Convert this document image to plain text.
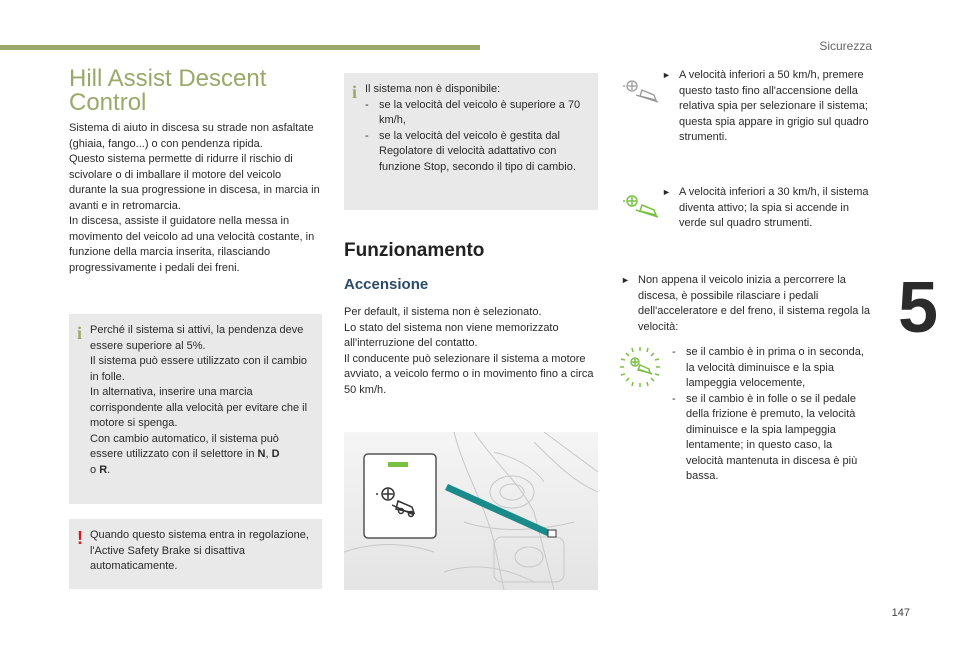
Sicurezza
5
147
Hill Assist Descent
Control

Sistema di aiuto in discesa su strade non asfaltate (ghiaia, fango...) o con pendenza ripida.

Questo sistema permette di ridurre il rischio di scivolare o di imballare il motore del veicolo durante la sua progressione in discesa, in marcia in avanti e in retromarcia.

In discesa, assiste il guidatore nella messa in movimento del veicolo ad una velocità costante, in funzione della marcia inserita, rilasciando progressivamente i pedali dei freni.

i Perché il sistema si attivi, la pendenza deve essere superiore al 5%.

Il sistema può essere utilizzato con il cambio in folle.

In alternativa, inserire una marcia corrispondente alla velocità per evitare che il motore si spenga.

Con cambio automatico, il sistema può essere utilizzato con il selettore in N, D
o R.

! Quando questo sistema entra in regolazione, l'Active Safety Brake si disattiva automaticamente.
i Il sistema non è disponibile:

- se la velocità del veicolo è superiore a 70 km/h,
- se la velocità del veicolo è gestita dal Regolatore di velocità adattativo con funzione Stop, secondo il tipo di cambio.
Funzionamento
Accensione

Per default, il sistema non è selezionato.

Lo stato del sistema non viene memorizzato all'interruzione del contatto.

Il conducente può selezionare il sistema a motore avviato, a veicolo fermo o in movimento fino a circa 50 km/h.

► A velocità inferiori a 50 km/h, premere questo tasto fino all'accensione della relativa spia per selezionare il sistema; questa spia appare in grigio sul quadro strumenti.
► A velocità inferiori a 30 km/h, il sistema diventa attivo; la spia si accende in verde sul quadro strumenti.
► Non appena il veicolo inizia a percorrere la discesa, è possibile rilasciare i pedali dell'acceleratore e del freno, il sistema regola la velocità:
- se il cambio è in prima o in seconda, la velocità diminuisce e la spia lampeggia velocemente,
- se il cambio è in folle o se il pedale della frizione è premuto, la velocità diminuisce e la spia lampeggia lentamente; in questo caso, la velocità mantenuta in discesa è più bassa.
